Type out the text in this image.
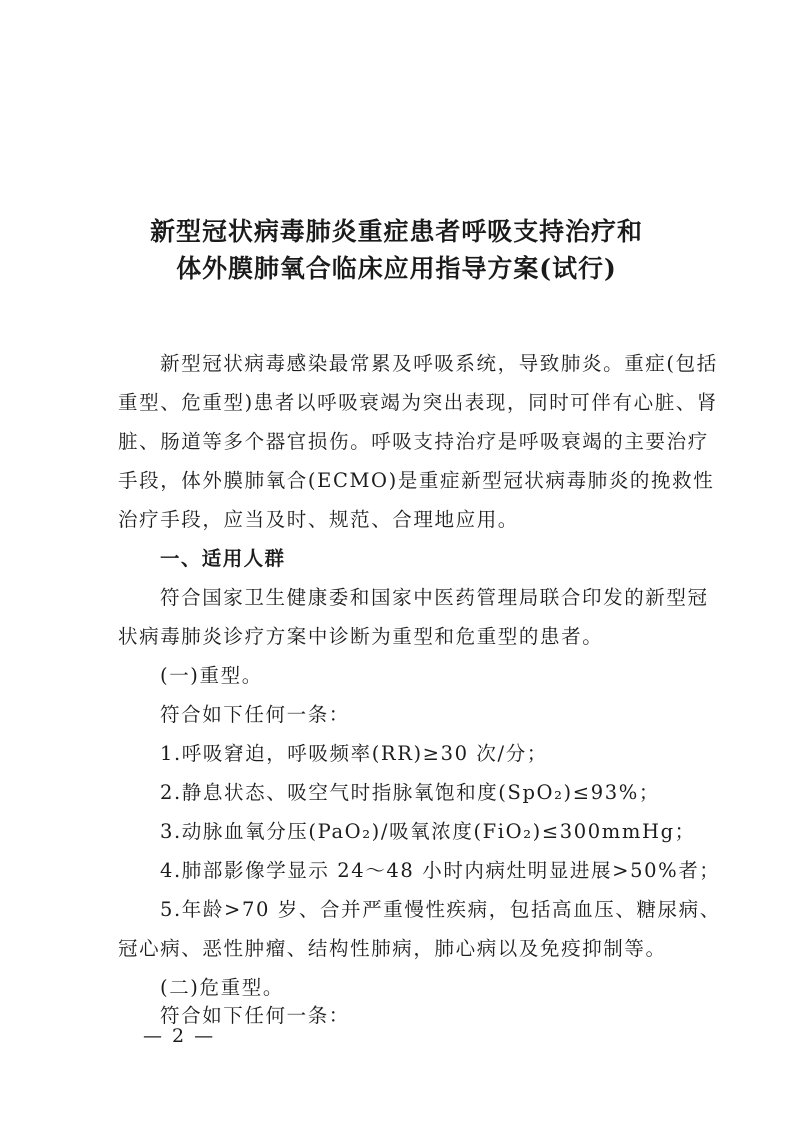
新型冠状病毒肺炎重症患者呼吸支持治疗和
体外膜肺氧合临床应用指导方案(试行)
新型冠状病毒感染最常累及呼吸系统，导致肺炎。重症(包括
重型、危重型)患者以呼吸衰竭为突出表现，同时可伴有心脏、肾
脏、肠道等多个器官损伤。呼吸支持治疗是呼吸衰竭的主要治疗
手段，体外膜肺氧合(ECMO)是重症新型冠状病毒肺炎的挽救性
治疗手段，应当及时、规范、合理地应用。
一、适用人群
符合国家卫生健康委和国家中医药管理局联合印发的新型冠
状病毒肺炎诊疗方案中诊断为重型和危重型的患者。
(一)重型。
符合如下任何一条：
1.呼吸窘迫，呼吸频率(RR)≥30 次/分；
2.静息状态、吸空气时指脉氧饱和度(SpO₂)≤93%；
3.动脉血氧分压(PaO₂)/吸氧浓度(FiO₂)≤300mmHg；
4.肺部影像学显示 24～48 小时内病灶明显进展>50%者；
5.年龄>70 岁、合并严重慢性疾病，包括高血压、糖尿病、
冠心病、恶性肿瘤、结构性肺病，肺心病以及免疫抑制等。
(二)危重型。
符合如下任何一条：
— 2 —
